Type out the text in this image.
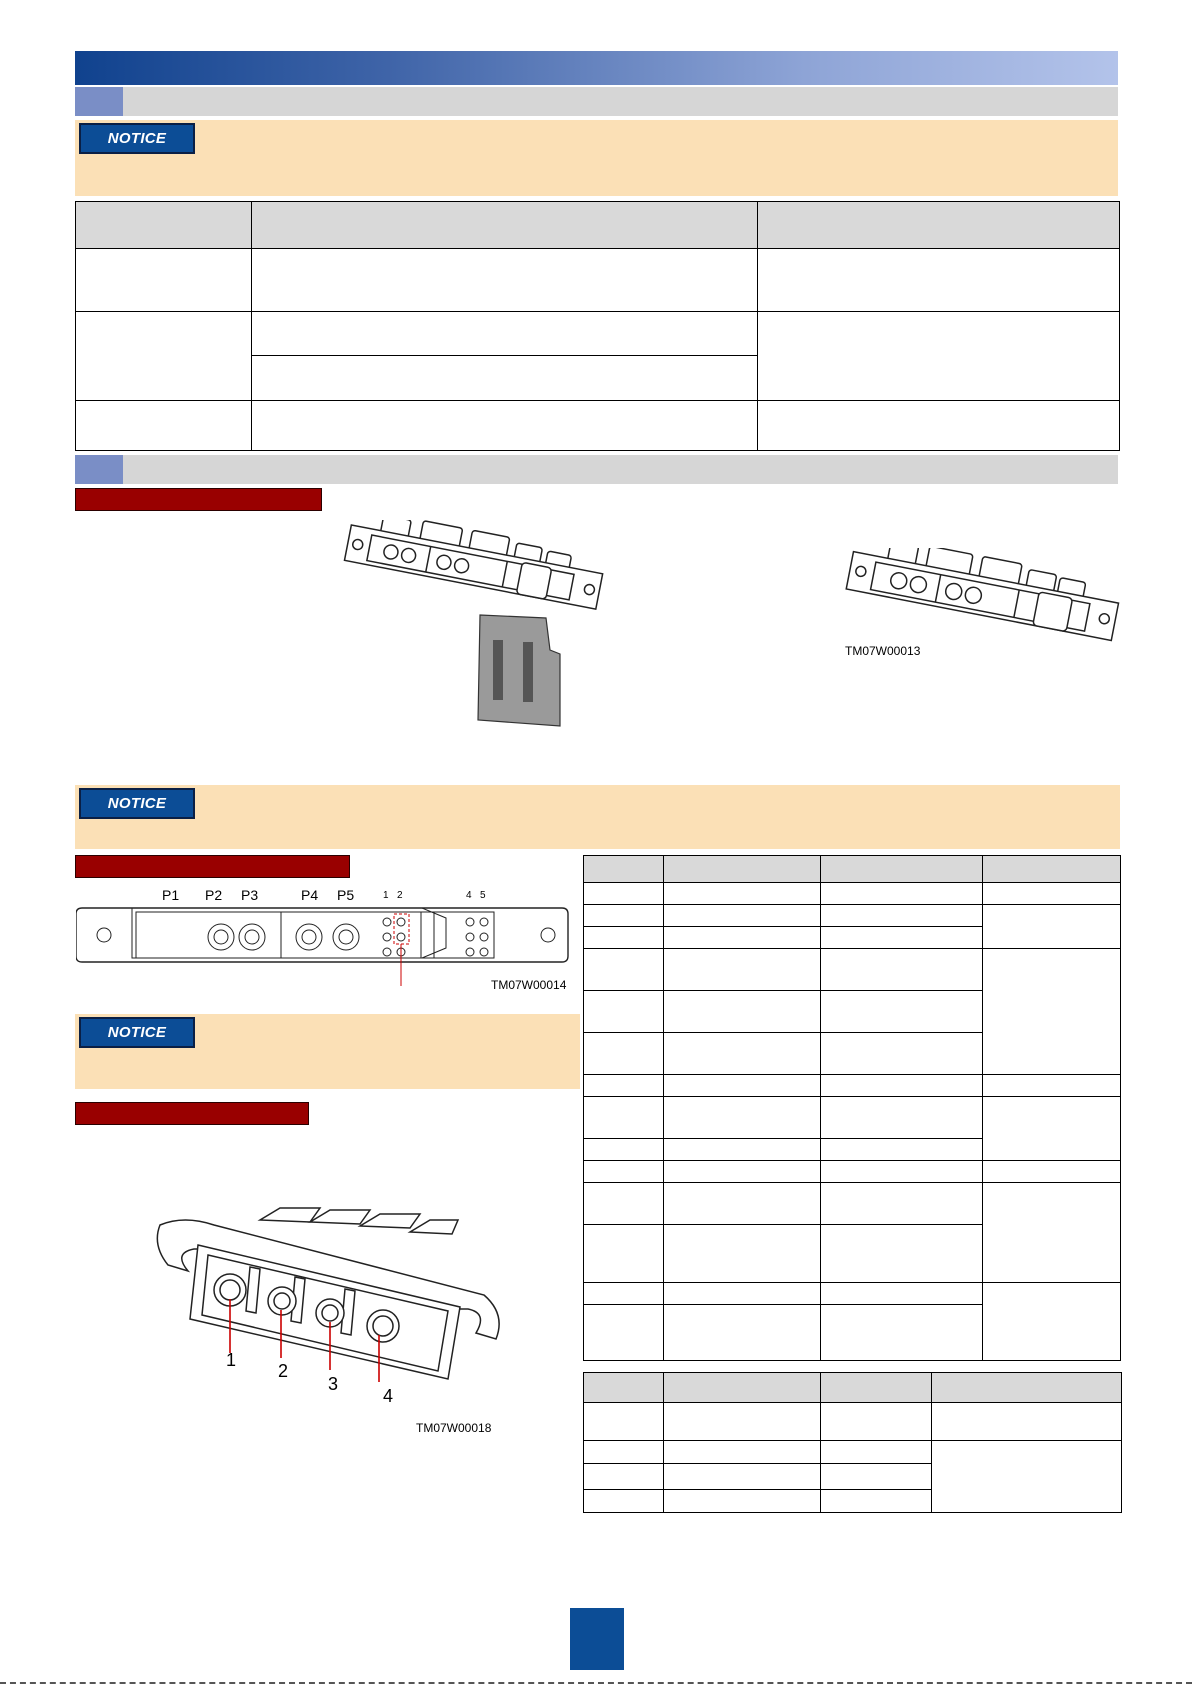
NOTICE

TM07W00013
NOTICE
P1 P2 P3	P4 P5	1 2	4 5
TM07W00014
NOTICE
1
2
3
4
TM07W00018
